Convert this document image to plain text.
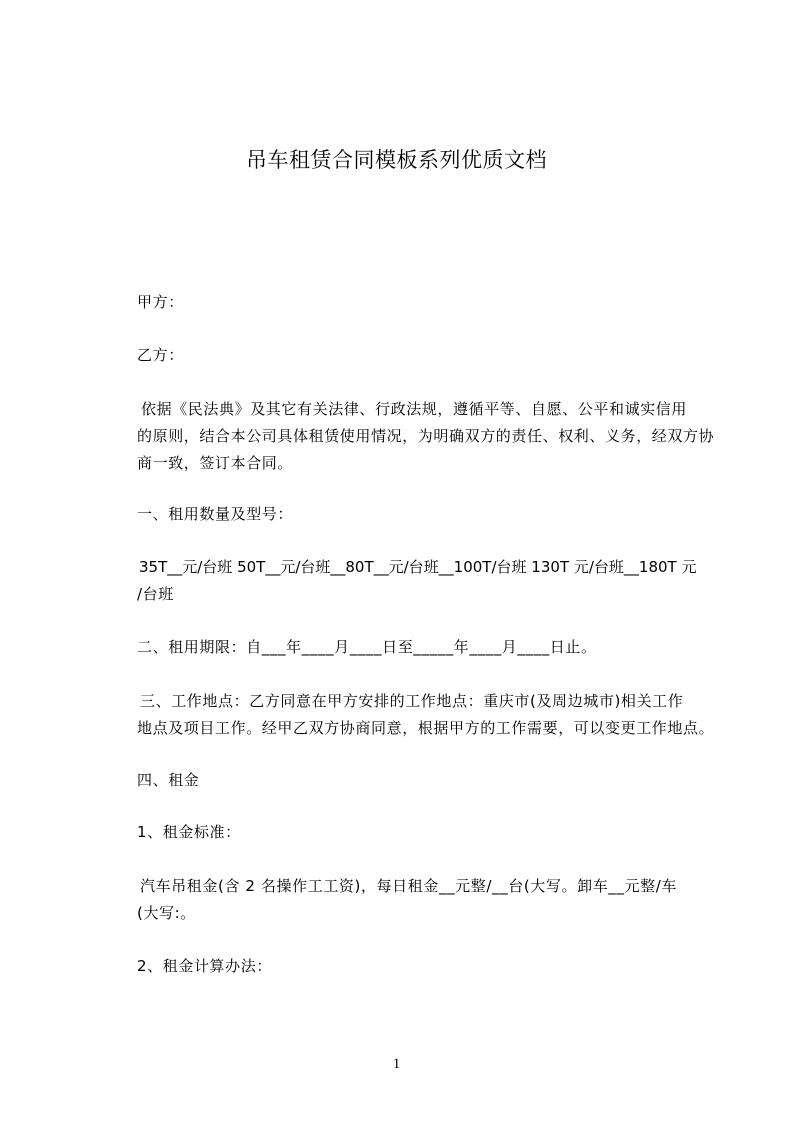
吊车租赁合同模板系列优质文档
甲方：
乙方：
依据《民法典》及其它有关法律、行政法规，遵循平等、自愿、公平和诚实信用
的原则，结合本公司具体租赁使用情况，为明确双方的责任、权利、义务，经双方协
商一致，签订本合同。
一、租用数量及型号：
35T__元/台班 50T__元/台班__80T__元/台班__100T/台班 130T 元/台班__180T 元
/台班
二、租用期限：自___年____月____日至_____年____月____日止。
三、工作地点：乙方同意在甲方安排的工作地点：重庆市(及周边城市)相关工作
地点及项目工作。经甲乙双方协商同意，根据甲方的工作需要，可以变更工作地点。
四、租金
1、租金标准：
汽车吊租金(含 2 名操作工工资)，每日租金__元整/__台(大写。卸车__元整/车
(大写:。
2、租金计算办法：
1
